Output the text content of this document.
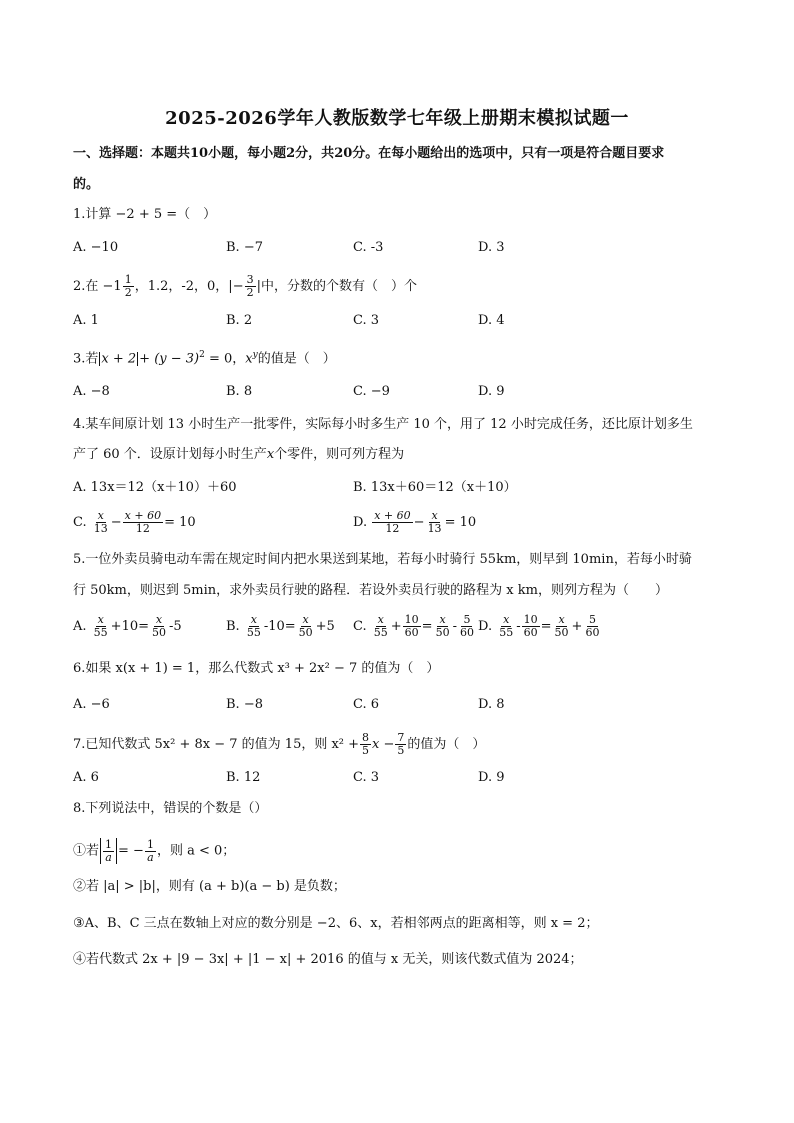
2025-2026学年人教版数学七年级上册期末模拟试题一
一、选择题：本题共10小题，每小题2分，共20分。在每小题给出的选项中，只有一项是符合题目要求
的。
1.计算 −2 + 5 =（　）
A. −10	B. −7	C. -3	D. 3
2.在 $-1 \frac{1}{2}$ ，1.2，-2，0，|− $\frac{3}{2}$ |中，分数的个数有（　）个
A. 1	B. 2	C. 3	D. 4
3.若 $x + 2 + (y - 3)^2 = 0$，$x^y$的值是（　）
A. −8	B. 8	C. −9	D. 9
4.某车间原计划 13 小时生产一批零件，实际每小时多生产 10 个，用了 12 小时完成任务，还比原计划多生
产了 60 个．设原计划每小时生产x个零件，则可列方程为
A. 13x＝12（x＋10）＋60	B. 13x＋60＝12（x＋10）
C. $\frac{x}{13} - \frac{x + 60}{12} = 10$	D. $\frac{x + 60}{12} - \frac{x}{13} = 10$
5.一位外卖员骑电动车需在规定时间内把水果送到某地，若每小时骑行 55km，则早到 10min，若每小时骑
行 50km，则迟到 5min，求外卖员行驶的路程．若设外卖员行驶的路程为 x km，则列方程为（　　）
A. $\frac{x}{55} +10= \frac{x}{50} -5$	B. $\frac{x}{55} -10= \frac{x}{50} +5$ C. $\frac{x}{55} + \frac{10}{60} = \frac{x}{50} - \frac{5}{60} D$. $\frac{x}{55} - \frac{10}{60} = \frac{x}{50} + \frac{5}{60}$
6.如果 x(x + 1) = 1，那么代数式 x³ + 2x² − 7 的值为（　）
A. −6	B. −8	C. 6	D. 8
7.已知代数式 5x² + 8x − 7 的值为 15，则 $x^2 + \frac{8}{5}$ $x - \frac{7}{5}$ 的值为（　）
A. 6	B. 12	C. 3	D. 9
8.下列说法中，错误的个数是（）
①若 $\frac{1}{a}$ = − $\frac{1}{a}$ ，则 a < 0；
②若 |a| > |b|，则有 (a + b)(a − b) 是负数；
③A、B、C 三点在数轴上对应的数分别是 −2、6、x，若相邻两点的距离相等，则 x = 2；
④若代数式 2x + |9 − 3x| + |1 − x| + 2016 的值与 x 无关，则该代数式值为 2024；
